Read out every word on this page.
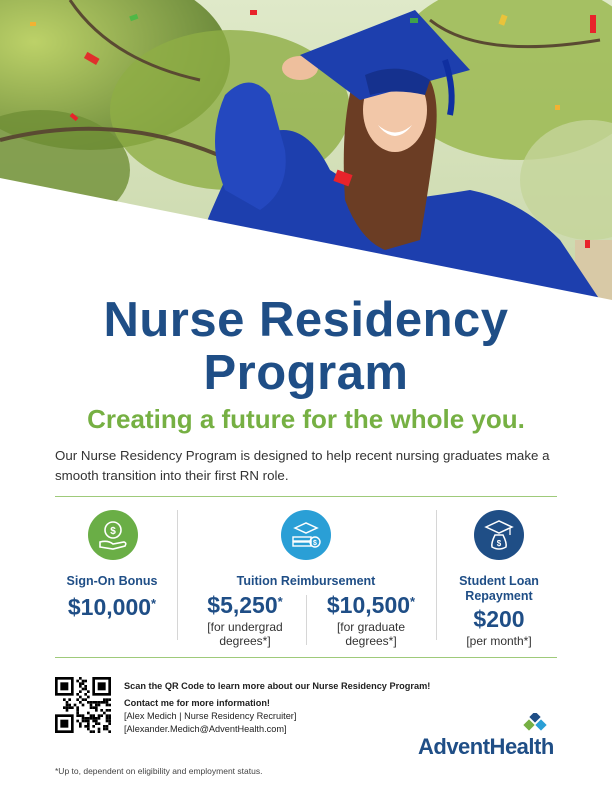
Nurse Residency
Program
Creating a future for the whole you.
Our Nurse Residency Program is designed to help recent nursing graduates make a smooth transition into their first RN role.
$
Sign-On Bonus
$10,000*
$
Tuition Reimbursement
$5,250*
[for undergrad
degrees*]
$10,500*
[for graduate
degrees*]
$
Student Loan
Repayment
$200
[per month*]
Scan the QR Code to learn more about our Nurse Residency Program!
Contact me for more information!
[Alex Medich | Nurse Residency Recruiter]
[Alexander.Medich@AdventHealth.com]
AdventHealth
*Up to, dependent on eligibility and employment status.
